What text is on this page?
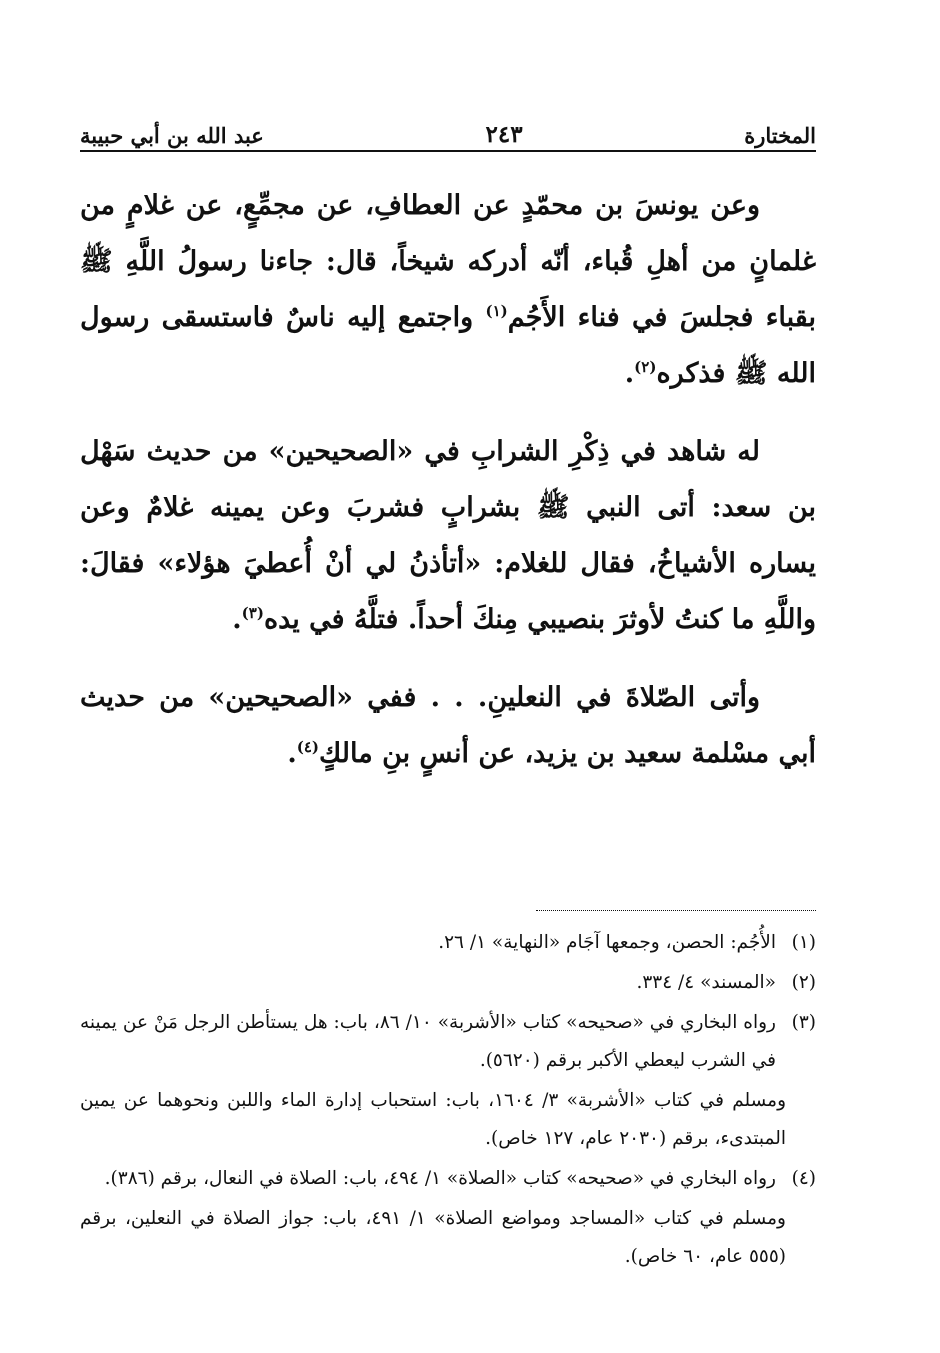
المختارة
٢٤٣
عبد الله بن أبي حبيبة

وعن يونسَ بن محمّدٍ عن العطافِ، عن مجمِّعٍ، عن غلامٍ من غلمانٍ من أهلِ قُباء، أنّه أدركه شيخاً، قال: جاءنا رسولُ اللَّهِ ﷺ بقباء فجلسَ في فناء الأَجُم$^{(١)}$ واجتمع إليه ناسٌ فاستسقى رسول الله ﷺ فذكره$^{(٢)}$.

له شاهد في ذِكْرِ الشرابِ في «الصحيحين» من حديث سَهْل بن سعد: أتى النبي ﷺ بشرابٍ فشربَ وعن يمينه غلامٌ وعن يساره الأشياخُ، فقال للغلام: «أتأذنُ لي أنْ أُعطيَ هؤلاء» فقالَ: واللَّهِ ما كنتُ لأوثرَ بنصيبي مِنكَ أحداً. فتلَّهُ في يده$^{(٣)}$.

وأتى الصّلاةَ في النعلينِ. . . ففي «الصحيحين» من حديث أبي مسْلمة سعيد بن يزيد، عن أنسٍ بنِ مالكٍ$^{(٤)}$.

(١)
الأُجُم: الحصن، وجمعها آجَام «النهاية» ١/ ٢٦.
(٢)
«المسند» ٤/ ٣٣٤.
(٣)
رواه البخاري في «صحيحه» كتاب «الأشربة» ١٠/ ٨٦، باب: هل يستأطن الرجل مَنْ عن يمينه في الشرب ليعطي الأكبر برقم (٥٦٢٠).
ومسلم في كتاب «الأشربة» ٣/ ١٦٠٤، باب: استحباب إدارة الماء واللبن ونحوهما عن يمين المبتدىء، برقم (٢٠٣٠ عام، ١٢٧ خاص).
(٤)
رواه البخاري في «صحيحه» كتاب «الصلاة» ١/ ٤٩٤، باب: الصلاة في النعال، برقم (٣٨٦).
ومسلم في كتاب «المساجد ومواضع الصلاة» ١/ ٤٩١، باب: جواز الصلاة في النعلين، برقم (٥٥٥ عام، ٦٠ خاص).
